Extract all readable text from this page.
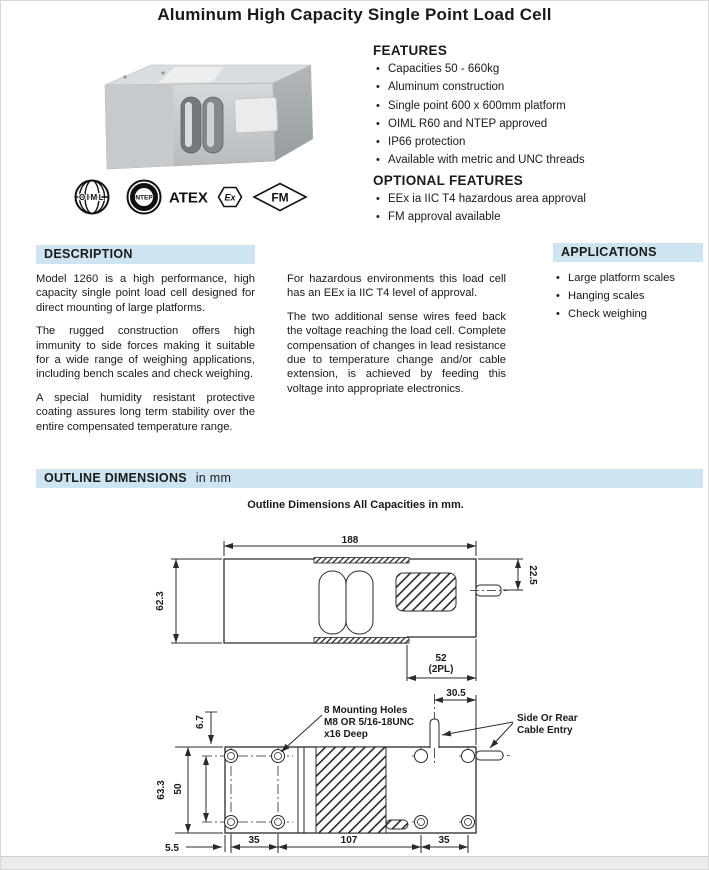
Aluminum High Capacity Single Point Load Cell
OIML	NTEP ATEX Ex	FM
FEATURES
• Capacities 50 - 660kg
• Aluminum construction
• Single point 600 x 600mm platform
• OIML R60 and NTEP approved
• IP66 protection
• Available with metric and UNC threads
OPTIONAL FEATURES
• EEx ia IIC T4 hazardous area approval
• FM approval available
DESCRIPTION

Model 1260 is a high performance, high capacity single point load cell designed for direct mounting of large platforms.

The rugged construction offers high immunity to side forces making it suitable for a wide range of weighing applications, including bench scales and check weighing.

A special humidity resistant protective coating assures long term stability over the entire compensated temperature range.

For hazardous environments this load cell has an EEx ia IIC T4 level of approval.

The two additional sense wires feed back the voltage reaching the load cell. Complete compensation of changes in lead resistance due to temperature change and/or cable extension, is achieved by feeding this voltage into appropriate electronics.

APPLICATIONS
• Large platform scales
• Hanging scales
• Check weighing
OUTLINE DIMENSIONS in mm
Outline Dimensions All Capacities in mm.
188
62.3
22.5
52
(2PL)
30.5
6.7
63.3 50
5.5
35	107	35
8 Mounting Holes
M8 OR 5/16-18UNC
x16 Deep
Side Or Rear
Cable Entry
